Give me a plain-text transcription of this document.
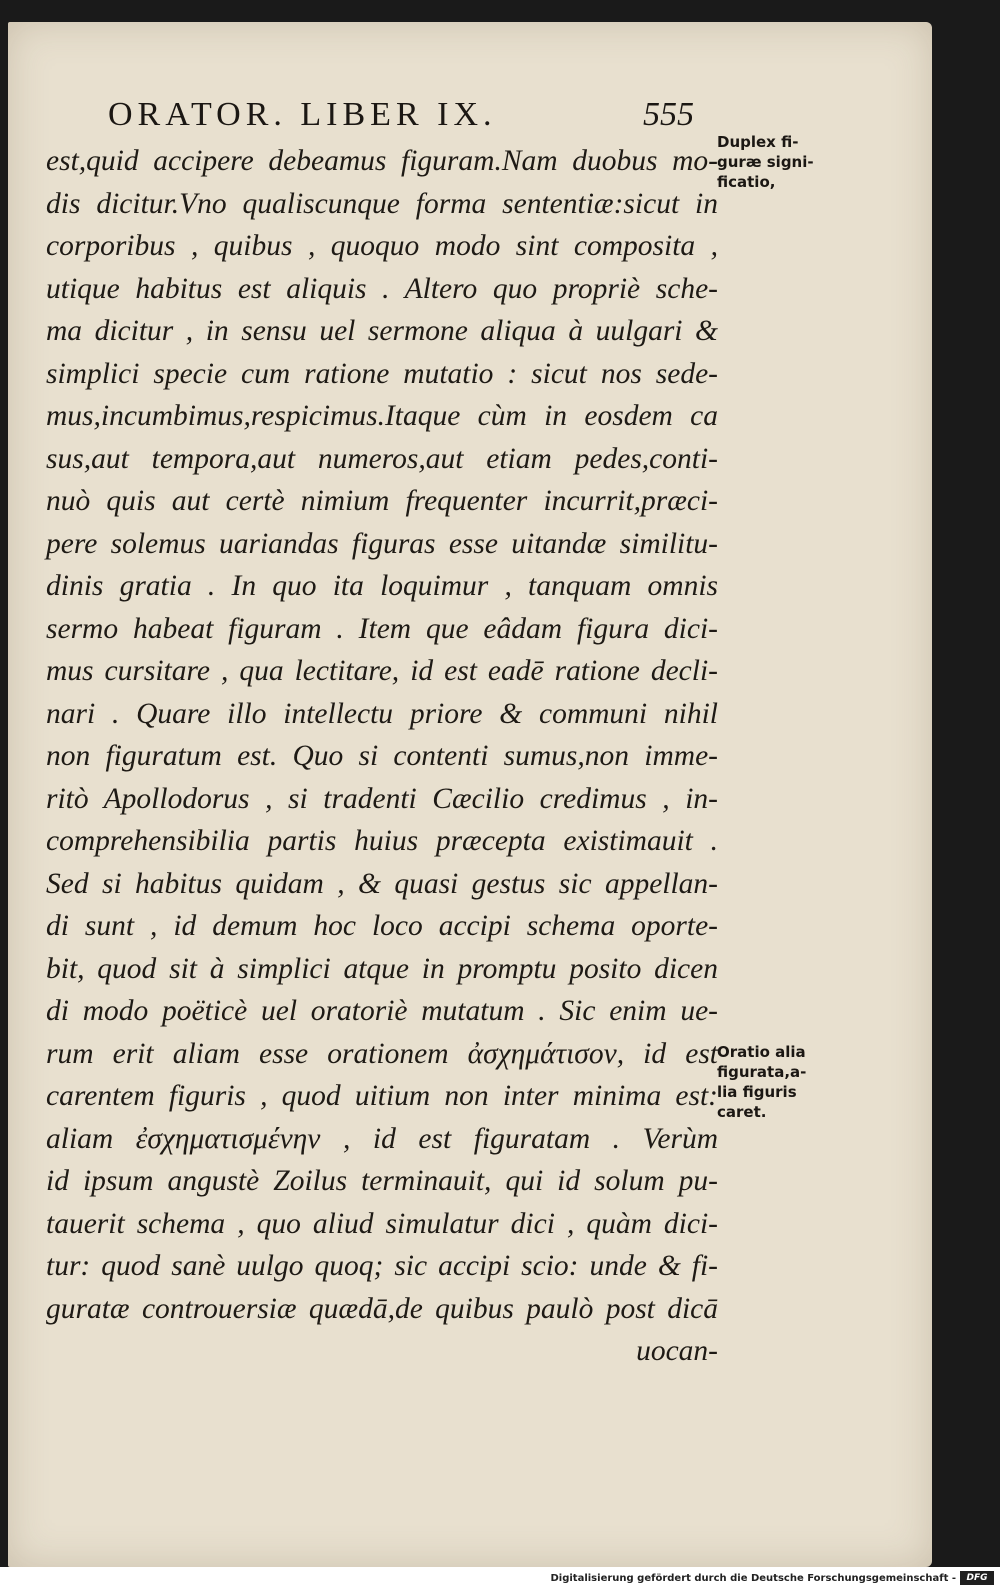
ORATOR. LIBER IX.	555
est,quid accipere debeamus figuram.Nam duobus mo-
dis dicitur.Vno qualiscunque forma sententiæ:sicut in
corporibus , quibus , quoquo modo sint composita ,
utique habitus est aliquis . Altero quo propriè sche-
ma dicitur , in sensu uel sermone aliqua à uulgari &
simplici specie cum ratione mutatio : sicut nos sede-
mus,incumbimus,respicimus.Itaque cùm in eosdem ca
sus,aut tempora,aut numeros,aut etiam pedes,conti-
nuò quis aut certè nimium frequenter incurrit,præci-
pere solemus uariandas figuras esse uitandæ similitu-
dinis gratia . In quo ita loquimur , tanquam omnis
sermo habeat figuram . Item que eâdam figura dici-
mus cursitare , qua lectitare, id est eadē ratione decli-
nari . Quare illo intellectu priore & communi nihil
non figuratum est. Quo si contenti sumus,non imme-
ritò Apollodorus , si tradenti Cæcilio credimus , in-
comprehensibilia partis huius præcepta existimauit .
Sed si habitus quidam , & quasi gestus sic appellan-
di sunt , id demum hoc loco accipi schema oporte-
bit, quod sit à simplici atque in promptu posito dicen
di modo poëticè uel oratoriè mutatum . Sic enim ue-
rum erit aliam esse orationem ἀσχημάτισον, id est
carentem figuris , quod uitium non inter minima est:
aliam ἐσχηματισμένην , id est figuratam . Verùm
id ipsum angustè Zoilus terminauit, qui id solum pu-
tauerit schema , quo aliud simulatur dici , quàm dici-
tur: quod sanè uulgo quoq; sic accipi scio: unde & fi-
guratæ controuersiæ quædā,de quibus paulò post dicā
uocan-
Duplex fi-
guræ signi-
ficatio,
Oratio alia
figurata,a-
lia figuris
caret.
Digitalisierung gefördert durch die Deutsche Forschungsgemeinschaft -	DFG
